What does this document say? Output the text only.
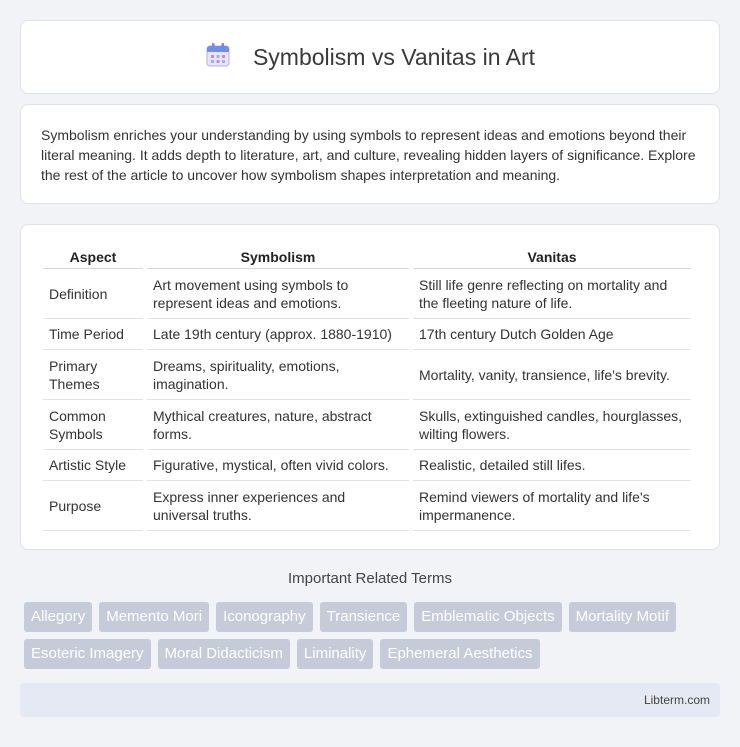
Symbolism vs Vanitas in Art

Symbolism enriches your understanding by using symbols to represent ideas and emotions beyond their literal meaning. It adds depth to literature, art, and culture, revealing hidden layers of significance. Explore the rest of the article to uncover how symbolism shapes interpretation and meaning.

Aspect	Symbolism	Vanitas
Definition	Art movement using symbols to represent ideas and emotions.	Still life genre reflecting on mortality and the fleeting nature of life.
Time Period	Late 19th century (approx. 1880-1910)	17th century Dutch Golden Age
Primary Themes	Dreams, spirituality, emotions, imagination.	Mortality, vanity, transience, life's brevity.
Common Symbols	Mythical creatures, nature, abstract forms.	Skulls, extinguished candles, hourglasses, wilting flowers.
Artistic Style	Figurative, mystical, often vivid colors.	Realistic, detailed still lifes.
Purpose	Express inner experiences and universal truths.	Remind viewers of mortality and life's impermanence.
Important Related Terms
Allegory	Memento Mori	Iconography	Transience	Emblematic Objects	Mortality Motif
Esoteric Imagery	Moral Didacticism	Liminality	Ephemeral Aesthetics
Libterm.com
